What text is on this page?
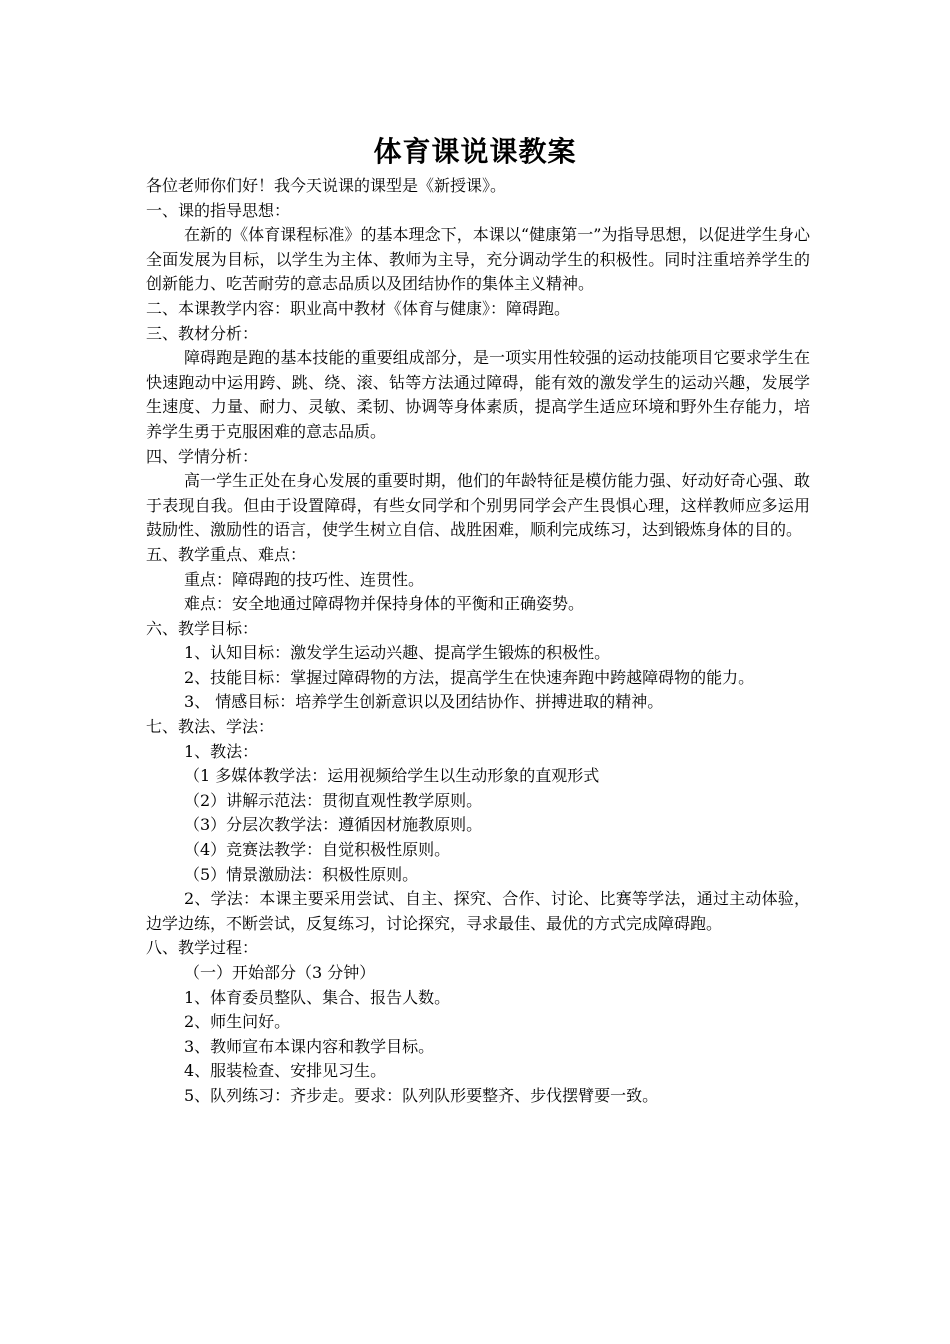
体育课说课教案

各位老师你们好！我今天说课的课型是《新授课》。

一、课的指导思想：

在新的《体育课程标准》的基本理念下，本课以“健康第一”为指导思想，以促进学生身心全面发展为目标，以学生为主体、教师为主导，充分调动学生的积极性。同时注重培养学生的创新能力、吃苦耐劳的意志品质以及团结协作的集体主义精神。

二、本课教学内容：职业高中教材《体育与健康》：障碍跑。

三、教材分析：

障碍跑是跑的基本技能的重要组成部分，是一项实用性较强的运动技能项目它要求学生在快速跑动中运用跨、跳、绕、滚、钻等方法通过障碍，能有效的激发学生的运动兴趣，发展学生速度、力量、耐力、灵敏、柔韧、协调等身体素质，提高学生适应环境和野外生存能力，培养学生勇于克服困难的意志品质。

四、学情分析：

高一学生正处在身心发展的重要时期，他们的年龄特征是模仿能力强、好动好奇心强、敢于表现自我。但由于设置障碍，有些女同学和个别男同学会产生畏惧心理，这样教师应多运用鼓励性、激励性的语言，使学生树立自信、战胜困难，顺利完成练习，达到锻炼身体的目的。

五、教学重点、难点：

重点：障碍跑的技巧性、连贯性。

难点：安全地通过障碍物并保持身体的平衡和正确姿势。

六、教学目标：

1、认知目标：激发学生运动兴趣、提高学生锻炼的积极性。

2、技能目标：掌握过障碍物的方法，提高学生在快速奔跑中跨越障碍物的能力。

3、 情感目标：培养学生创新意识以及团结协作、拼搏进取的精神。

七、教法、学法：

1、教法：

（1 多媒体教学法：运用视频给学生以生动形象的直观形式

（2）讲解示范法：贯彻直观性教学原则。

（3）分层次教学法：遵循因材施教原则。

（4）竞赛法教学：自觉积极性原则。

（5）情景激励法：积极性原则。

2、学法：本课主要采用尝试、自主、探究、合作、讨论、比赛等学法，通过主动体验，边学边练，不断尝试，反复练习，讨论探究，寻求最佳、最优的方式完成障碍跑。

八、教学过程：

（一）开始部分（3 分钟）

1、体育委员整队、集合、报告人数。

2、师生问好。

3、教师宣布本课内容和教学目标。

4、服装检查、安排见习生。

5、队列练习：齐步走。要求：队列队形要整齐、步伐摆臂要一致。
